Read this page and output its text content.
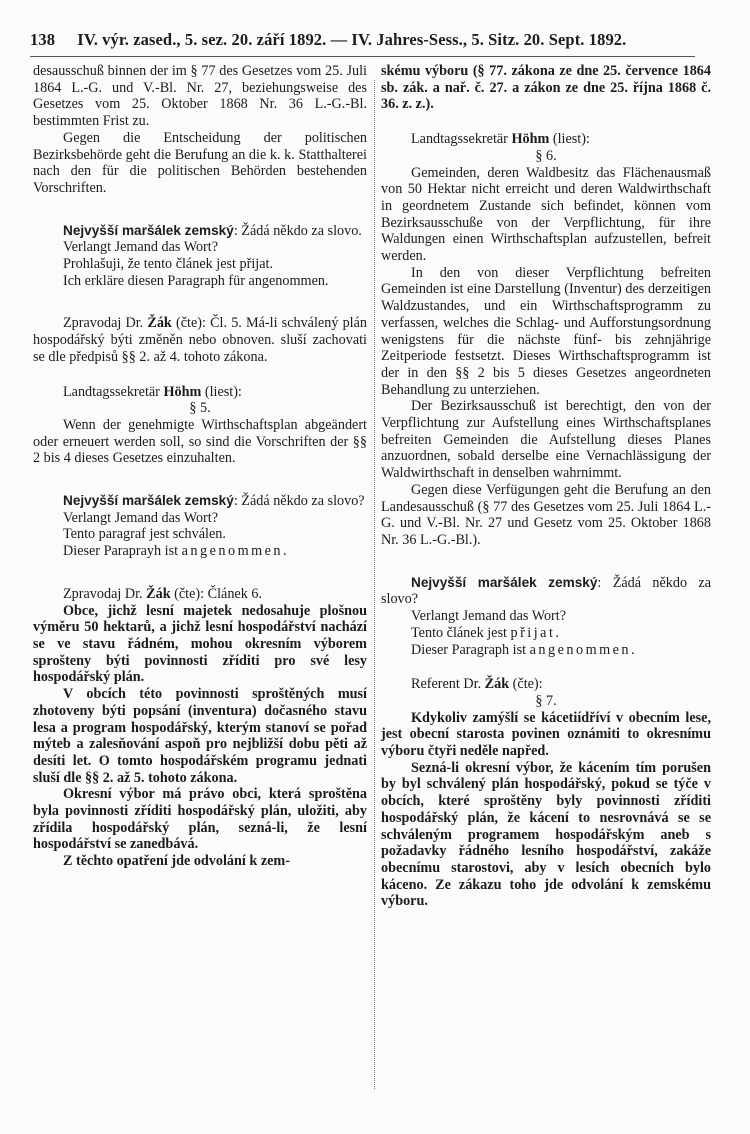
138 IV. výr. zased., 5. sez. 20. září 1892. — IV. Jahres-Sess., 5. Sitz. 20. Sept. 1892.

desausschuß binnen der im § 77 des Gesetzes vom 25. Juli 1864 L.-G. und V.-Bl. Nr. 27, beziehungsweise des Gesetzes vom 25. Oktober 1868 Nr. 36 L.-G.-Bl. bestimmten Frist zu.

Gegen die Entscheidung der politischen Bezirksbehörde geht die Berufung an die k. k. Statthalterei nach den für die politischen Behörden bestehenden Vorschriften.

Nejvyšší maršálek zemský: Žádá někdo za slovo.

Verlangt Jemand das Wort?

Prohlašuji, že tento článek jest přijat.

Ich erkläre diesen Paragraph für angenommen.

Zpravodaj Dr. Žák (čte): Čl. 5. Má-li schválený plán hospodářský býti změněn nebo obnoven. sluší zachovati se dle předpisů §§ 2. až 4. tohoto zákona.

Landtagssekretär Höhm (liest):

§ 5.

Wenn der genehmigte Wirthschaftsplan abgeändert oder erneuert werden soll, so sind die Vorschriften der §§ 2 bis 4 dieses Gesetzes einzuhalten.

Nejvyšší maršálek zemský: Žádá někdo za slovo?

Verlangt Jemand das Wort?

Tento paragraf jest schválen.

Dieser Paraprayh ist angenommen.

Zpravodaj Dr. Žák (čte): Článek 6.

Obce, jichž lesní majetek nedosahuje plošnou výměru 50 hektarů, a jichž lesní hospodářství nachází se ve stavu řádném, mohou okresním výborem sprošteny býti povinnosti zříditi pro své lesy hospodářský plán.

V obcích této povinnosti sproštěných musí zhotoveny býti popsání (inventura) dočasného stavu lesa a program hospodářský, kterým stanoví se pořad mýteb a zalesňování aspoň pro nejbližší dobu pěti až desíti let. O tomto hospodářském programu jednati sluší dle §§ 2. až 5. tohoto zákona.

Okresní výbor má právo obci, která sproštěna byla povinnosti zříditi hospodářský plán, uložiti, aby zřídila hospodářský plán, sezná-li, že lesní hospodářství se zanedbává.

Z těchto opatření jde odvolání k zem-

skému výboru (§ 77. zákona ze dne 25. července 1864 sb. zák. a nař. č. 27. a zákon ze dne 25. října 1868 č. 36. z. z.).

Landtagssekretär Höhm (liest):

§ 6.

Gemeinden, deren Waldbesitz das Flächenausmaß von 50 Hektar nicht erreicht und deren Waldwirthschaft in geordnetem Zustande sich befindet, können vom Bezirksausschuße von der Verpflichtung, für ihre Waldungen einen Wirthschaftsplan aufzustellen, befreit werden.

In den von dieser Verpflichtung befreiten Gemeinden ist eine Darstellung (Inventur) des derzeitigen Waldzustandes, und ein Wirthschaftsprogramm zu verfassen, welches die Schlag- und Aufforstungsordnung wenigstens für die nächste fünf- bis zehnjährige Zeitperiode festsetzt. Dieses Wirthschaftsprogramm ist der in den §§ 2 bis 5 dieses Gesetzes angeordneten Behandlung zu unterziehen.

Der Bezirksausschuß ist berechtigt, den von der Verpflichtung zur Aufstellung eines Wirthschaftsplanes befreiten Gemeinden die Aufstellung dieses Planes anzuordnen, sobald derselbe eine Vernachlässigung der Waldwirthschaft in denselben wahrnimmt.

Gegen diese Verfügungen geht die Berufung an den Landesausschuß (§ 77 des Gesetzes vom 25. Juli 1864 L.-G. und V.-Bl. Nr. 27 und Gesetz vom 25. Oktober 1868 Nr. 36 L.-G.-Bl.).

Nejvyšší maršálek zemský: Žádá někdo za slovo?

Verlangt Jemand das Wort?

Tento článek jest přijat.

Dieser Paragraph ist angenommen.

Referent Dr. Žák (čte):

§ 7.

Kdykoliv zamýšlí se kácetiídříví v obecním lese, jest obecní starosta povinen oznámiti to okresnímu výboru čtyři neděle napřed.

Sezná-li okresní výbor, že kácením tím porušen by byl schválený plán hospodářský, pokud se týče v obcích, které sproštěny byly povinnosti zříditi hospodářský plán, že kácení to nesrovnává se se schváleným programem hospodářským aneb s požadavky řádného lesního hospodářství, zakáže obecnímu starostovi, aby v lesích obecních bylo káceno. Ze zákazu toho jde odvolání k zemskému výboru.
